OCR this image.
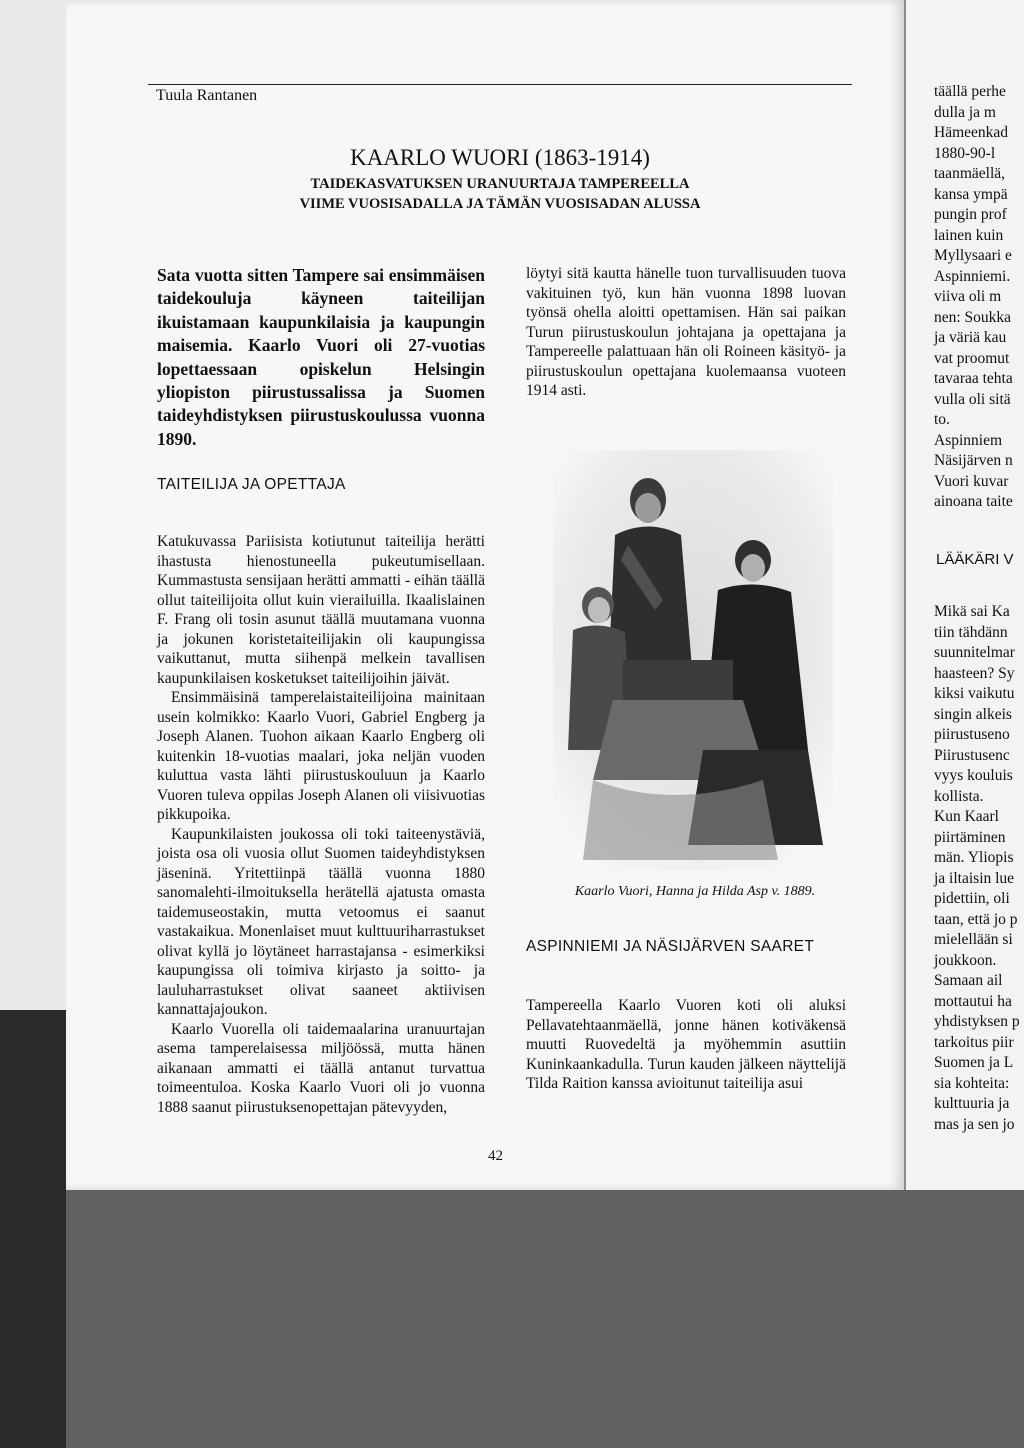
Tuula Rantanen
KAARLO WUORI (1863-1914)
TAIDEKASVATUKSEN URANUURTAJA TAMPEREELLA
VIIME VUOSISADALLA JA TÄMÄN VUOSISADAN ALUSSA
Sata vuotta sitten Tampere sai ensimmäisen taidekouluja käyneen taiteilijan ikuistamaan kaupunkilaisia ja kaupungin maisemia. Kaarlo Vuori oli 27-vuotias lopettaessaan opiskelun Helsingin yliopiston piirustussalissa ja Suomen taideyhdistyksen piirustuskoulussa vuonna 1890.
TAITEILIJA JA OPETTAJA

Katukuvassa Pariisista kotiutunut taiteilija herätti ihastusta hienostuneella pukeutumisellaan. Kummastusta sensijaan herätti ammatti - eihän täällä ollut taiteilijoita ollut kuin vierailuilla. Ikaalislainen F. Frang oli tosin asunut täällä muutamana vuonna ja jokunen koristetaiteilijakin oli kaupungissa vaikuttanut, mutta siihenpä melkein tavallisen kaupunkilaisen kosketukset taiteilijoihin jäivät.

Ensimmäisinä tamperelaistaiteilijoina mainitaan usein kolmikko: Kaarlo Vuori, Gabriel Engberg ja Joseph Alanen. Tuohon aikaan Kaarlo Engberg oli kuitenkin 18-vuotias maalari, joka neljän vuoden kuluttua vasta lähti piirustuskouluun ja Kaarlo Vuoren tuleva oppilas Joseph Alanen oli viisivuotias pikkupoika.

Kaupunkilaisten joukossa oli toki taiteenystäviä, joista osa oli vuosia ollut Suomen taideyhdistyksen jäseninä. Yritettiinpä täällä vuonna 1880 sanomalehti-ilmoituksella herätellä ajatusta omasta taidemuseostakin, mutta vetoomus ei saanut vastakaikua. Monenlaiset muut kulttuuriharrastukset olivat kyllä jo löytäneet harrastajansa - esimerkiksi kaupungissa oli toimiva kirjasto ja soitto- ja lauluharrastukset olivat saaneet aktiivisen kannattajajoukon.

Kaarlo Vuorella oli taidemaalarina uranuurtajan asema tamperelaisessa miljöössä, mutta hänen aikanaan ammatti ei täällä antanut turvattua toimeentuloa. Koska Kaarlo Vuori oli jo vuonna 1888 saanut piirustuksenopettajan pätevyyden,

löytyi sitä kautta hänelle tuon turvallisuuden tuova vakituinen työ, kun hän vuonna 1898 luovan työnsä ohella aloitti opettamisen. Hän sai paikan Turun piirustuskoulun johtajana ja opettajana ja Tampereelle palattuaan hän oli Roineen käsityö- ja piirustuskoulun opettajana kuolemaansa vuoteen 1914 asti.

Kaarlo Vuori, Hanna ja Hilda Asp v. 1889.
ASPINNIEMI JA NÄSIJÄRVEN SAARET

Tampereella Kaarlo Vuoren koti oli aluksi Pellavatehtaanmäellä, jonne hänen kotiväkensä muutti Ruovedeltä ja myöhemmin asuttiin Kuninkaankadulla. Turun kauden jälkeen näyttelijä Tilda Raition kanssa avioitunut taiteilija asui

42
täällä perhe
dulla ja m
Hämeenkad
1880-90-l
taanmäellä,
kansa ympä
pungin prof
lainen kuin
Myllysaari e
Aspinniemi.
viiva oli m
nen: Soukka
ja väriä kau
vat proomut
tavaraa tehta
vulla oli sitä
to.
Aspinniem
Näsijärven n
Vuori kuvar
ainoana taite
LÄÄKÄRI V
Mikä sai Ka
tiin tähdänn
suunnitelmar
haasteen? Sy
kiksi vaikutu
singin alkeis
piirustuseno
Piirustusenc
vyys kouluis
kollista.
Kun Kaarl
piirtäminen
män. Yliopis
ja iltaisin lue
pidettiin, oli
taan, että jo p
mielellään si
joukkoon.
Samaan ail
mottautui ha
yhdistyksen p
tarkoitus piir
Suomen ja L
sia kohteita:
kulttuuria ja
mas ja sen jo
